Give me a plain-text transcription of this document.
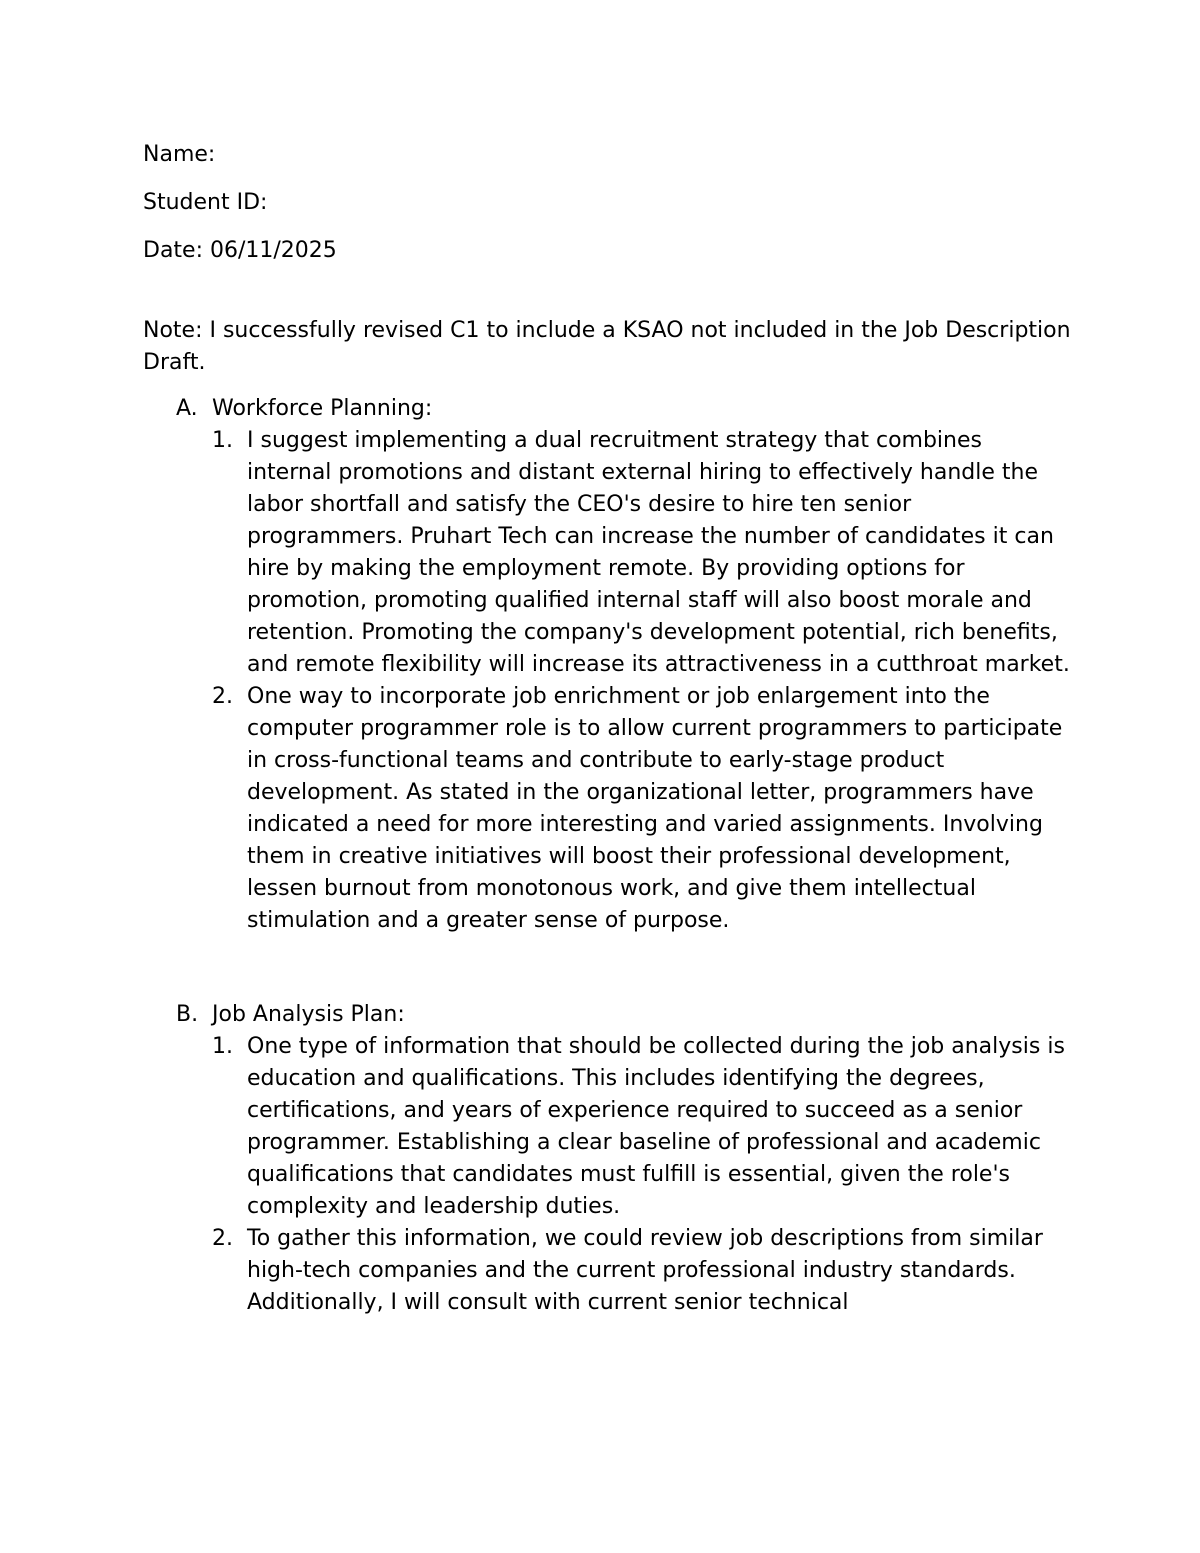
Name:
Student ID:
Date: 06/11/2025
Note: I successfully revised C1 to include a KSAO not included in the Job Description Draft.
A. Workforce Planning:
1. I suggest implementing a dual recruitment strategy that combines internal promotions and distant external hiring to effectively handle the labor shortfall and satisfy the CEO's desire to hire ten senior programmers. Pruhart Tech can increase the number of candidates it can hire by making the employment remote. By providing options for promotion, promoting qualified internal staff will also boost morale and retention. Promoting the company's development potential, rich benefits, and remote flexibility will increase its attractiveness in a cutthroat market.
2. One way to incorporate job enrichment or job enlargement into the computer programmer role is to allow current programmers to participate in cross-functional teams and contribute to early-stage product development. As stated in the organizational letter, programmers have indicated a need for more interesting and varied assignments. Involving them in creative initiatives will boost their professional development, lessen burnout from monotonous work, and give them intellectual stimulation and a greater sense of purpose.
B. Job Analysis Plan:
1. One type of information that should be collected during the job analysis is education and qualifications. This includes identifying the degrees, certifications, and years of experience required to succeed as a senior programmer. Establishing a clear baseline of professional and academic qualifications that candidates must fulfill is essential, given the role's complexity and leadership duties.
2. To gather this information, we could review job descriptions from similar high-tech companies and the current professional industry standards. Additionally, I will consult with current senior technical
